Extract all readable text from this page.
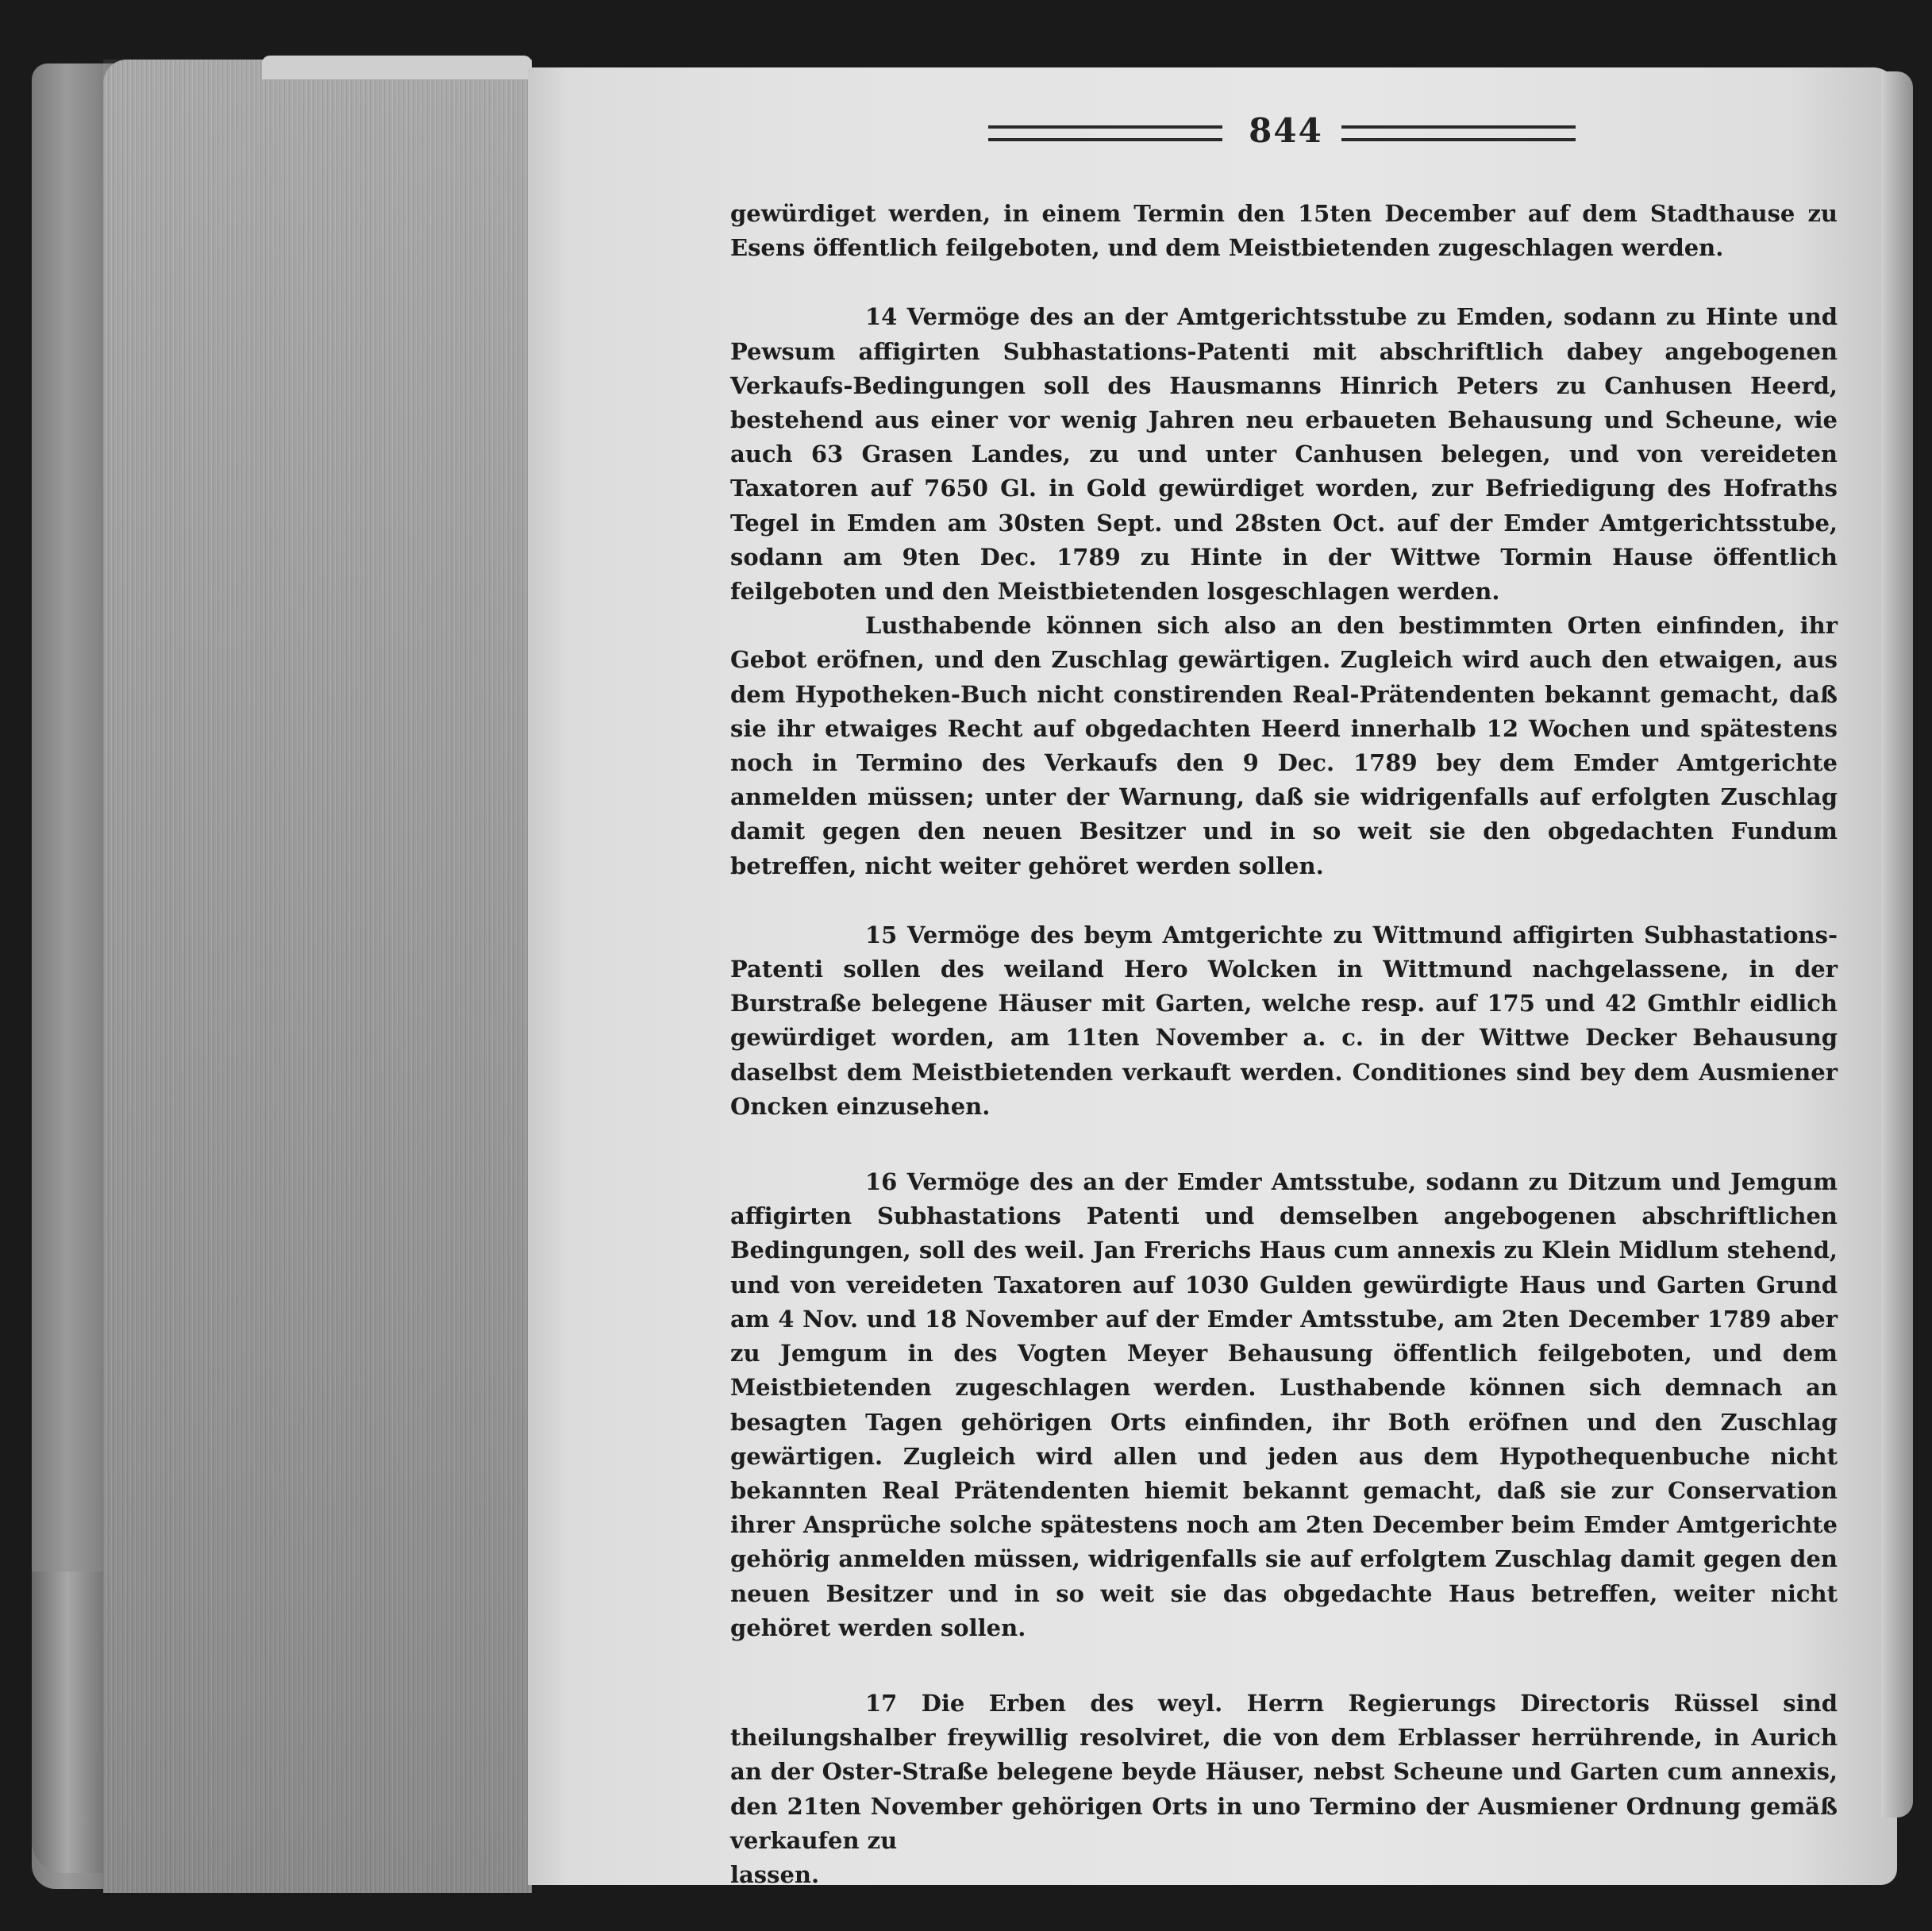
844

gewürdiget werden, in einem Termin den 15ten December auf dem Stadthause zu Esens öffentlich feilgeboten, und dem Meistbietenden zugeschlagen werden.

14 Vermöge des an der Amtgerichtsstube zu Emden, sodann zu Hinte und Pewsum affigirten Subhastations-Patenti mit abschriftlich dabey angebogenen Verkaufs-Bedingungen soll des Hausmanns Hinrich Peters zu Canhusen Heerd, bestehend aus einer vor wenig Jahren neu erbaueten Behausung und Scheune, wie auch 63 Grasen Landes, zu und unter Canhusen belegen, und von vereideten Taxatoren auf 7650 Gl. in Gold gewürdiget worden, zur Befriedigung des Hofraths Tegel in Emden am 30sten Sept. und 28sten Oct. auf der Emder Amtgerichtsstube, sodann am 9ten Dec. 1789 zu Hinte in der Wittwe Tormin Hause öffentlich feilgeboten und den Meistbietenden losgeschlagen werden.

Lusthabende können sich also an den bestimmten Orten einfinden, ihr Gebot eröfnen, und den Zuschlag gewärtigen. Zugleich wird auch den etwaigen, aus dem Hypotheken-Buch nicht constirenden Real-Prätendenten bekannt gemacht, daß sie ihr etwaiges Recht auf obgedachten Heerd innerhalb 12 Wochen und spätestens noch in Termino des Verkaufs den 9 Dec. 1789 bey dem Emder Amtgerichte anmelden müssen; unter der Warnung, daß sie widrigenfalls auf erfolgten Zuschlag damit gegen den neuen Besitzer und in so weit sie den obgedachten Fundum betreffen, nicht weiter gehöret werden sollen.

15 Vermöge des beym Amtgerichte zu Wittmund affigirten Subhastations-Patenti sollen des weiland Hero Wolcken in Wittmund nachgelassene, in der Burstraße belegene Häuser mit Garten, welche resp. auf 175 und 42 Gmthlr eidlich gewürdiget worden, am 11ten November a. c. in der Wittwe Decker Behausung daselbst dem Meistbietenden verkauft werden. Conditiones sind bey dem Ausmiener Oncken einzusehen.

16 Vermöge des an der Emder Amtsstube, sodann zu Ditzum und Jemgum affigirten Subhastations Patenti und demselben angebogenen abschriftlichen Bedingungen, soll des weil. Jan Frerichs Haus cum annexis zu Klein Midlum stehend, und von vereideten Taxatoren auf 1030 Gulden gewürdigte Haus und Garten Grund am 4 Nov. und 18 November auf der Emder Amtsstube, am 2ten December 1789 aber zu Jemgum in des Vogten Meyer Behausung öffentlich feilgeboten, und dem Meistbietenden zugeschlagen werden. Lusthabende können sich demnach an besagten Tagen gehörigen Orts einfinden, ihr Both eröfnen und den Zuschlag gewärtigen. Zugleich wird allen und jeden aus dem Hypothequenbuche nicht bekannten Real Prätendenten hiemit bekannt gemacht, daß sie zur Conservation ihrer Ansprüche solche spätestens noch am 2ten December beim Emder Amtgerichte gehörig anmelden müssen, widrigenfalls sie auf erfolgtem Zuschlag damit gegen den neuen Besitzer und in so weit sie das obgedachte Haus betreffen, weiter nicht gehöret werden sollen.

17 Die Erben des weyl. Herrn Regierungs Directoris Rüssel sind theilungshalber freywillig resolviret, die von dem Erblasser herrührende, in Aurich an der Oster-Straße belegene beyde Häuser, nebst Scheune und Garten cum annexis, den 21ten November gehörigen Orts in uno Termino der Ausmiener Ordnung gemäß verkaufen zu

lassen.
